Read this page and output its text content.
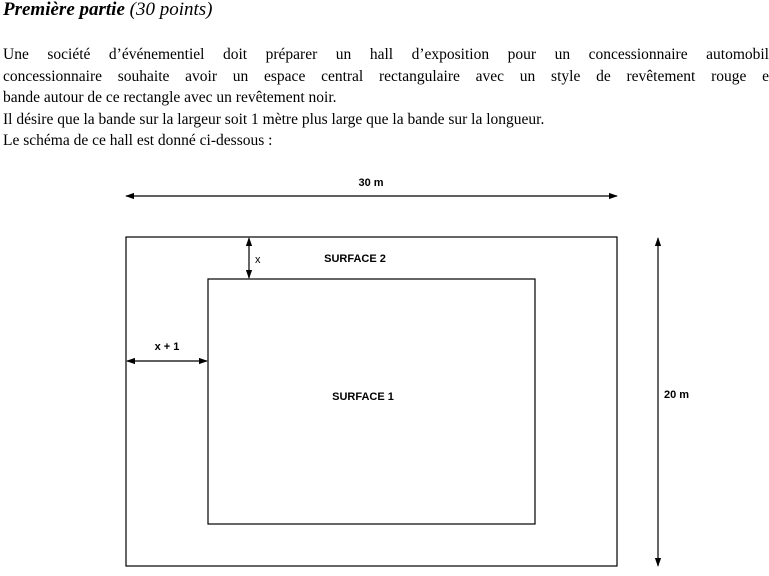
Première partie (30 points)
Une société d’événementiel doit préparer un hall d’exposition pour un concessionnaire automobil
concessionnaire souhaite avoir un espace central rectangulaire avec un style de revêtement rouge e
bande autour de ce rectangle avec un revêtement noir.
Il désire que la bande sur la largeur soit 1 mètre plus large que la bande sur la longueur.
Le schéma de ce hall est donné ci-dessous :
30 m
x
x + 1
SURFACE 2
SURFACE 1	20 m
